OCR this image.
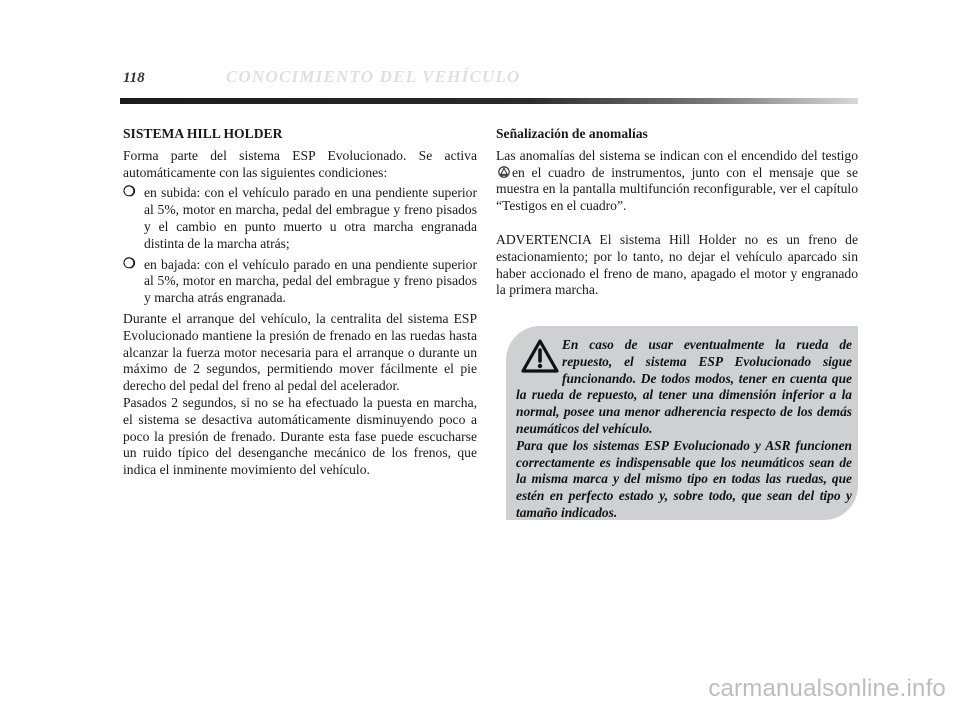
118	CONOCIMIENTO DEL VEHÍCULO
SISTEMA HILL HOLDER

Forma parte del sistema ESP Evolucionado. Se activa automáticamente con las siguientes condiciones:

❍ en subida: con el vehículo parado en una pendiente superior al 5%, motor en marcha, pedal del embrague y freno pisados y el cambio en punto muerto u otra marcha engranada distinta de la marcha atrás;
❍ en bajada: con el vehículo parado en una pendiente superior al 5%, motor en marcha, pedal del embrague y freno pisados y marcha atrás engranada.

Durante el arranque del vehículo, la centralita del sistema ESP Evolucionado mantiene la presión de frenado en las ruedas hasta alcanzar la fuerza motor necesaria para el arranque o durante un máximo de 2 segundos, permitiendo mover fácilmente el pie derecho del pedal del freno al pedal del acelerador.

Pasados 2 segundos, si no se ha efectuado la puesta en marcha, el sistema se desactiva automáticamente disminuyendo poco a poco la presión de frenado. Durante esta fase puede escucharse un ruido típico del desenganche mecánico de los frenos, que indica el inminente movimiento del vehículo.

Señalización de anomalías

Las anomalías del sistema se indican con el encendido del testigoen el cuadro de instrumentos, junto con el mensaje que se muestra en la pantalla multifunción reconfigurable, ver el capítulo “Testigos en el cuadro”.

ADVERTENCIA El sistema Hill Holder no es un freno de estacionamiento; por lo tanto, no dejar el vehículo aparcado sin haber accionado el freno de mano, apagado el motor y engranado la primera marcha.

En caso de usar eventualmente la rueda de repuesto, el sistema ESP Evolucionado sigue funcionando. De todos modos, tener en cuenta que la rueda de repuesto, al tener una dimensión inferior a la normal, posee una menor adherencia respecto de los demás neumáticos del vehículo.

Para que los sistemas ESP Evolucionado y ASR funcionen correctamente es indispensable que los neumáticos sean de la misma marca y del mismo tipo en todas las ruedas, que estén en perfecto estado y, sobre todo, que sean del tipo y tamaño indicados.

carmanualsonline.info
